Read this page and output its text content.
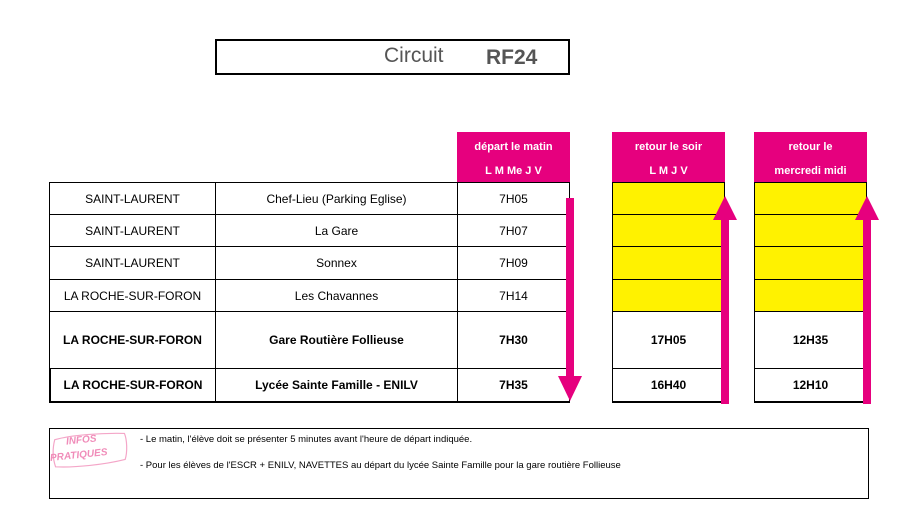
Circuit RF24
départ le matin
L M Me J V
retour le soir
L M J V
retour le
mercredi midi
SAINT-LAURENT	Chef-Lieu (Parking Eglise)	7H05
SAINT-LAURENT	La Gare	7H07
SAINT-LAURENT	Sonnex	7H09
LA ROCHE-SUR-FORON	Les Chavannes	7H14
LA ROCHE-SUR-FORON	Gare Routière Follieuse	7H30	17H05	12H35
LA ROCHE-SUR-FORON	Lycée Sainte Famille - ENILV	7H35	16H40	12H10
INFOS
PRATIQUES
- Le matin, l'élève doit se présenter 5 minutes avant l'heure de départ indiquée.
- Pour les élèves de l'ESCR + ENILV, NAVETTES au départ du lycée Sainte Famille pour la gare routière Follieuse
